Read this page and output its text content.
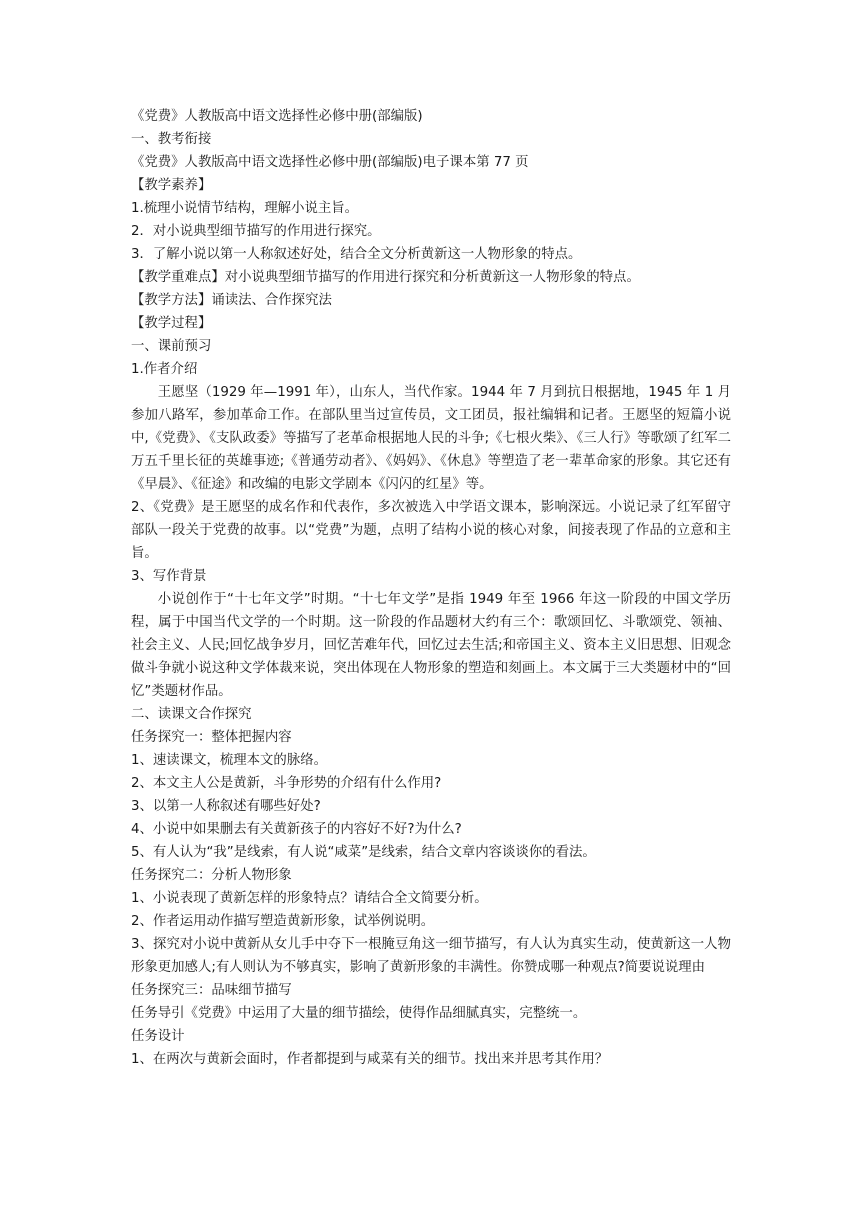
《党费》人教版高中语文选择性必修中册(部编版)

一、教考衔接

《党费》人教版高中语文选择性必修中册(部编版)电子课本第 77 页

【教学素养】

1.梳理小说情节结构，理解小说主旨。

2．对小说典型细节描写的作用进行探究。

3．了解小说以第一人称叙述好处，结合全文分析黄新这一人物形象的特点。

【教学重难点】对小说典型细节描写的作用进行探究和分析黄新这一人物形象的特点。

【教学方法】诵读法、合作探究法

【教学过程】

一、课前预习

1.作者介绍

王愿坚（1929 年—1991 年），山东人，当代作家。1944 年 7 月到抗日根据地，1945 年 1 月参加八路军，参加革命工作。在部队里当过宣传员，文工团员，报社编辑和记者。王愿坚的短篇小说中,《党费》、《支队政委》等描写了老革命根据地人民的斗争;《七根火柴》、《三人行》等歌颂了红军二万五千里长征的英雄事迹;《普通劳动者》、《妈妈》、《休息》等塑造了老一辈革命家的形象。其它还有《早晨》、《征途》和改编的电影文学剧本《闪闪的红星》等。

2、《党费》是王愿坚的成名作和代表作，多次被选入中学语文课本，影响深远。小说记录了红军留守部队一段关于党费的故事。以“党费”为题，点明了结构小说的核心对象，间接表现了作品的立意和主旨。

3、写作背景

小说创作于“十七年文学”时期。“十七年文学”是指 1949 年至 1966 年这一阶段的中国文学历程，属于中国当代文学的一个时期。这一阶段的作品题材大约有三个：歌颂回忆、斗歌颂党、领袖、社会主义、人民;回忆战争岁月，回忆苦难年代，回忆过去生活;和帝国主义、资本主义旧思想、旧观念做斗争就小说这种文学体裁来说，突出体现在人物形象的塑造和刻画上。本文属于三大类题材中的“回忆”类题材作品。

二、读课文合作探究

任务探究一：整体把握内容

1、速读课文，梳理本文的脉络。

2、本文主人公是黄新，斗争形势的介绍有什么作用?

3、以第一人称叙述有哪些好处?

4、小说中如果删去有关黄新孩子的内容好不好?为什么?

5、有人认为“我”是线索，有人说“咸菜”是线索，结合文章内容谈谈你的看法。

任务探究二：分析人物形象

1、小说表现了黄新怎样的形象特点？请结合全文简要分析。

2、作者运用动作描写塑造黄新形象，试举例说明。

3、探究对小说中黄新从女儿手中夺下一根腌豆角这一细节描写，有人认为真实生动，使黄新这一人物形象更加感人;有人则认为不够真实，影响了黄新形象的丰满性。你赞成哪一种观点?简要说说理由

任务探究三：品味细节描写

任务导引《党费》中运用了大量的细节描绘，使得作品细腻真实，完整统一。

任务设计

1、在两次与黄新会面时，作者都提到与咸菜有关的细节。找出来并思考其作用？
